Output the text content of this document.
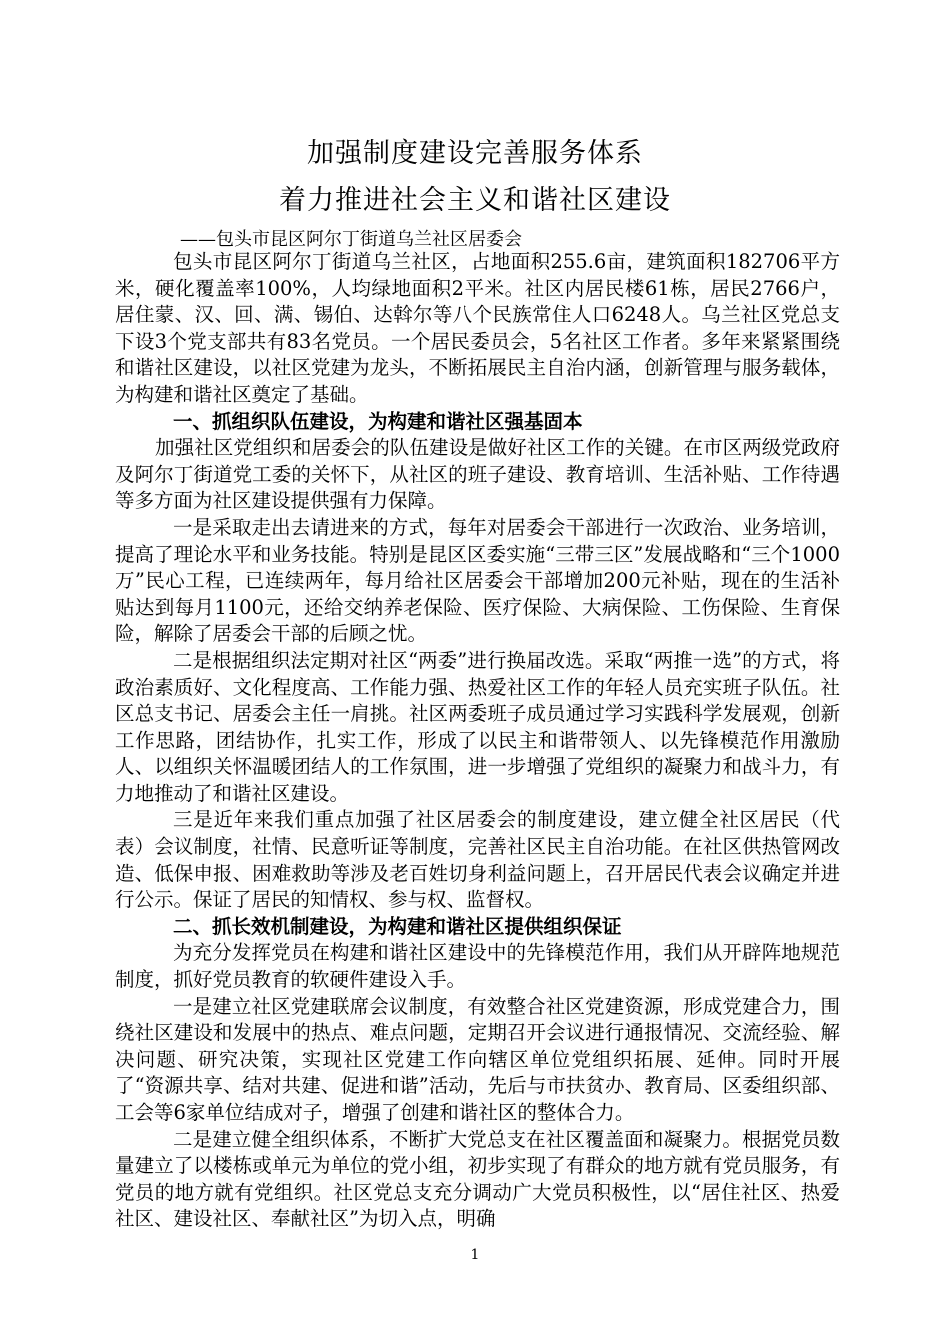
加强制度建设完善服务体系
着力推进社会主义和谐社区建设
——包头市昆区阿尔丁街道乌兰社区居委会

包头市昆区阿尔丁街道乌兰社区，占地面积255.6亩，建筑面积182706平方米，硬化覆盖率100%，人均绿地面积2平米。社区内居民楼61栋，居民2766户，居住蒙、汉、回、满、锡伯、达斡尔等八个民族常住人口6248人。乌兰社区党总支下设3个党支部共有83名党员。一个居民委员会，5名社区工作者。多年来紧紧围绕和谐社区建设，以社区党建为龙头，不断拓展民主自治内涵，创新管理与服务载体，为构建和谐社区奠定了基础。

一、抓组织队伍建设，为构建和谐社区强基固本

加强社区党组织和居委会的队伍建设是做好社区工作的关键。在市区两级党政府及阿尔丁街道党工委的关怀下，从社区的班子建设、教育培训、生活补贴、工作待遇等多方面为社区建设提供强有力保障。

一是采取走出去请进来的方式，每年对居委会干部进行一次政治、业务培训，提高了理论水平和业务技能。特别是昆区区委实施“三带三区”发展战略和“三个1000万”民心工程，已连续两年，每月给社区居委会干部增加200元补贴，现在的生活补贴达到每月1100元，还给交纳养老保险、医疗保险、大病保险、工伤保险、生育保险，解除了居委会干部的后顾之忧。

二是根据组织法定期对社区“两委”进行换届改选。采取“两推一选”的方式，将政治素质好、文化程度高、工作能力强、热爱社区工作的年轻人员充实班子队伍。社区总支书记、居委会主任一肩挑。社区两委班子成员通过学习实践科学发展观，创新工作思路，团结协作，扎实工作，形成了以民主和谐带领人、以先锋模范作用激励人、以组织关怀温暖团结人的工作氛围，进一步增强了党组织的凝聚力和战斗力，有力地推动了和谐社区建设。

三是近年来我们重点加强了社区居委会的制度建设，建立健全社区居民（代表）会议制度，社情、民意听证等制度，完善社区民主自治功能。在社区供热管网改造、低保申报、困难救助等涉及老百姓切身利益问题上，召开居民代表会议确定并进行公示。保证了居民的知情权、参与权、监督权。

二、抓长效机制建设，为构建和谐社区提供组织保证

为充分发挥党员在构建和谐社区建设中的先锋模范作用，我们从开辟阵地规范制度，抓好党员教育的软硬件建设入手。

一是建立社区党建联席会议制度，有效整合社区党建资源，形成党建合力，围绕社区建设和发展中的热点、难点问题，定期召开会议进行通报情况、交流经验、解决问题、研究决策，实现社区党建工作向辖区单位党组织拓展、延伸。同时开展了“资源共享、结对共建、促进和谐”活动，先后与市扶贫办、教育局、区委组织部、工会等6家单位结成对子，增强了创建和谐社区的整体合力。

二是建立健全组织体系，不断扩大党总支在社区覆盖面和凝聚力。根据党员数量建立了以楼栋或单元为单位的党小组，初步实现了有群众的地方就有党员服务，有党员的地方就有党组织。社区党总支充分调动广大党员积极性，以“居住社区、热爱社区、建设社区、奉献社区”为切入点，明确

1
